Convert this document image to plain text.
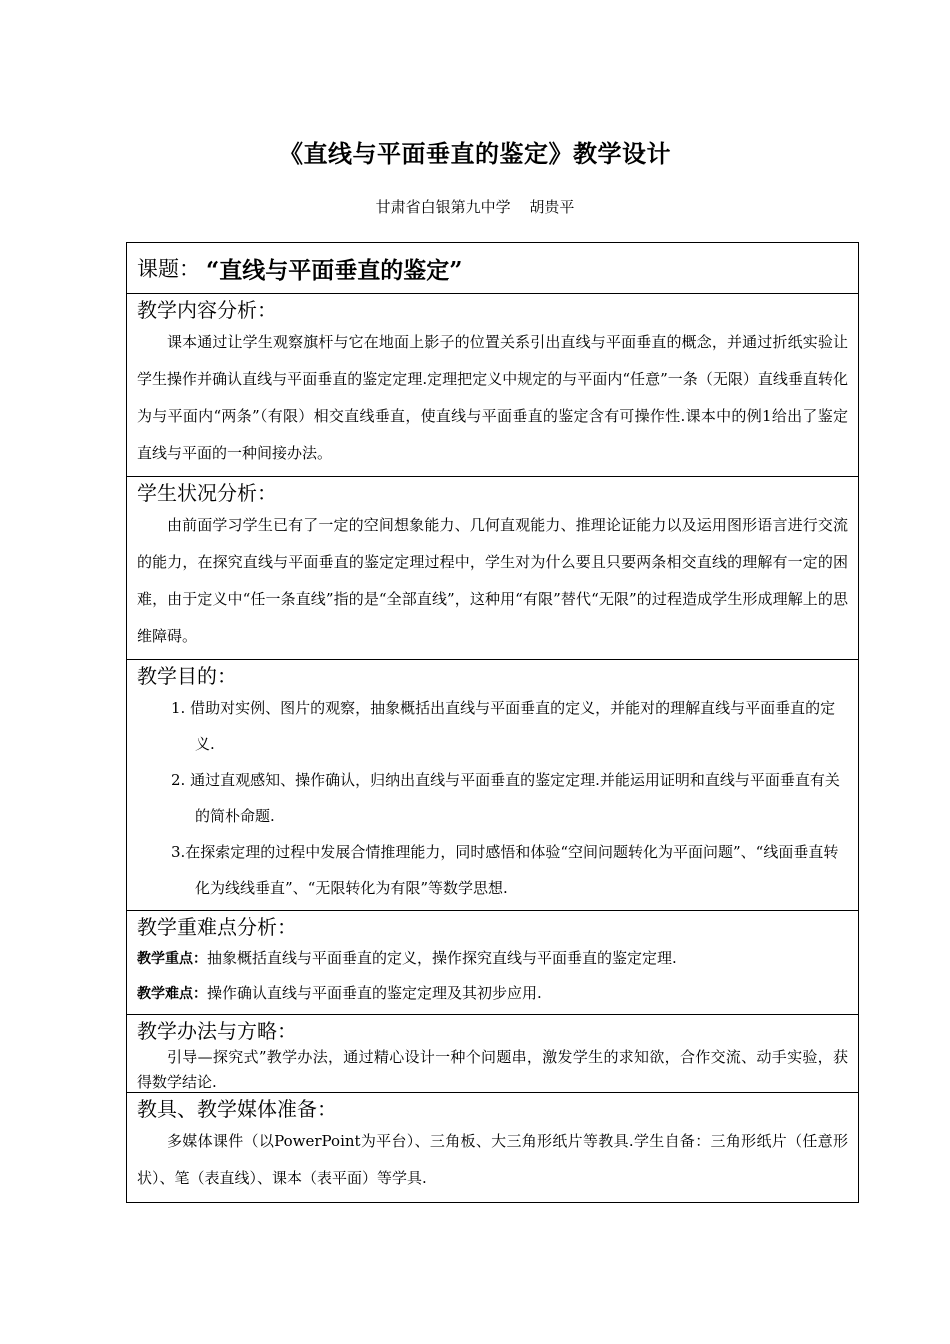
《直线与平面垂直的鉴定》教学设计
甘肃省白银第九中学 胡贵平
课题： “直线与平面垂直的鉴定”
教学内容分析：

课本通过让学生观察旗杆与它在地面上影子的位置关系引出直线与平面垂直的概念，并通过折纸实验让学生操作并确认直线与平面垂直的鉴定定理.定理把定义中规定的与平面内“任意”一条（无限）直线垂直转化为与平面内“两条”（有限）相交直线垂直，使直线与平面垂直的鉴定含有可操作性.课本中的例1给出了鉴定直线与平面的一种间接办法。

学生状况分析：

由前面学习学生已有了一定的空间想象能力、几何直观能力、推理论证能力以及运用图形语言进行交流的能力，在探究直线与平面垂直的鉴定定理过程中，学生对为什么要且只要两条相交直线的理解有一定的困难，由于定义中“任一条直线”指的是“全部直线”，这种用“有限”替代“无限”的过程造成学生形成理解上的思维障碍。

教学目的：

1. 借助对实例、图片的观察，抽象概括出直线与平面垂直的定义，并能对的理解直线与平面垂直的定义.

2. 通过直观感知、操作确认，归纳出直线与平面垂直的鉴定定理.并能运用证明和直线与平面垂直有关的简朴命题.

3.在探索定理的过程中发展合情推理能力，同时感悟和体验“空间问题转化为平面问题”、“线面垂直转化为线线垂直”、“无限转化为有限”等数学思想.

教学重难点分析：

教学重点：抽象概括直线与平面垂直的定义，操作探究直线与平面垂直的鉴定定理.

教学难点：操作确认直线与平面垂直的鉴定定理及其初步应用.

教学办法与方略：

引导—探究式”教学办法，通过精心设计一种个问题串，激发学生的求知欲，合作交流、动手实验，获得数学结论.

教具、教学媒体准备：

多媒体课件（以PowerPoint为平台）、三角板、大三角形纸片等教具.学生自备：三角形纸片（任意形状）、笔（表直线）、课本（表平面）等学具.
